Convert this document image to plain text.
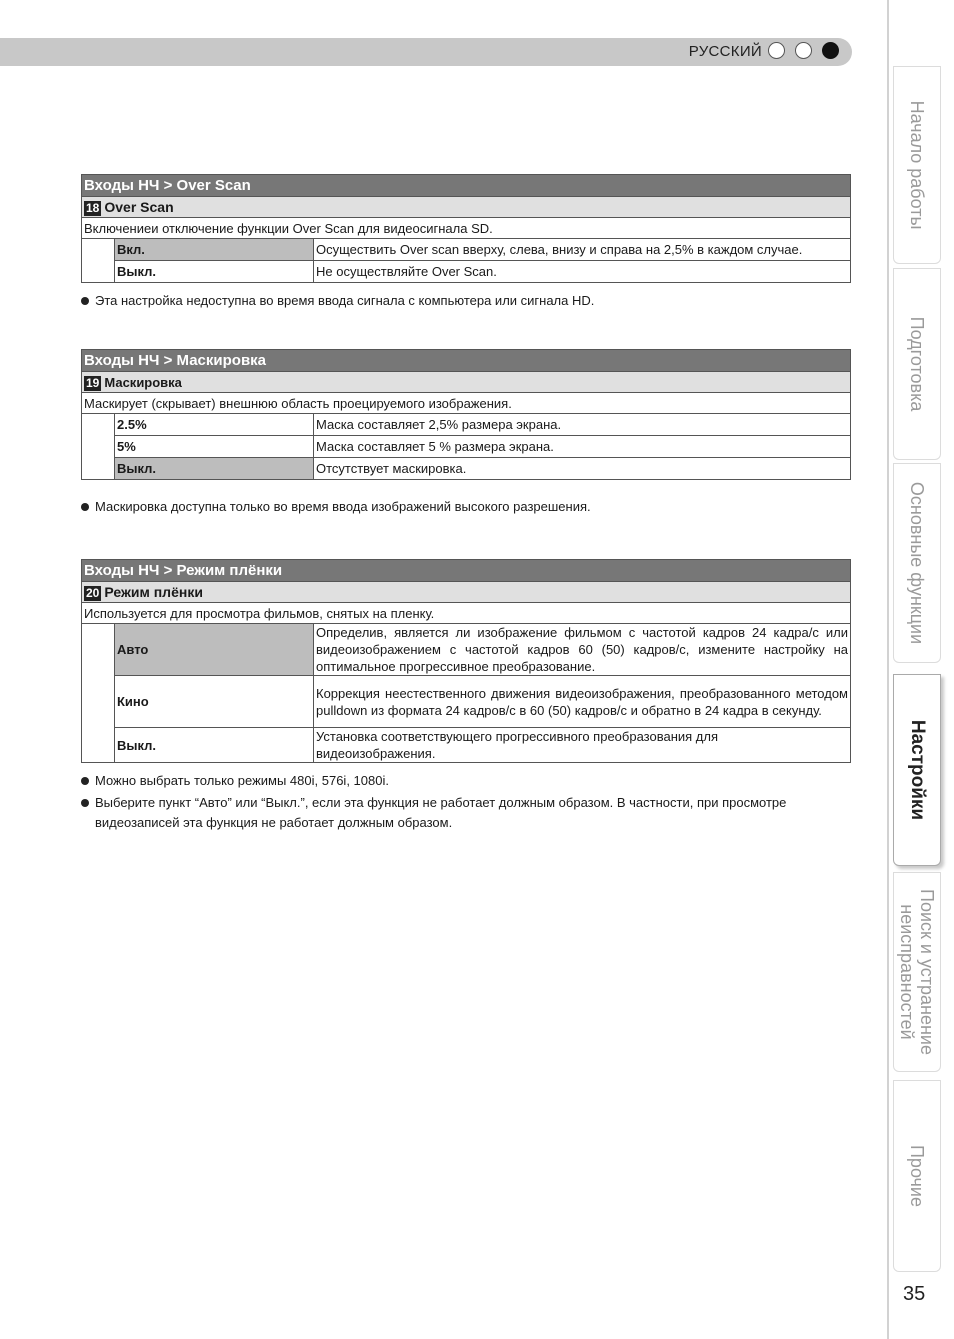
РУССКИЙ
Начало работы
Подготовка
Основные функции
Настройки
Поиск и устранение
неисправностей
Прочие
35
Входы НЧ > Over Scan		
18 Over Scan		
Включениеи отключение функции Over Scan для видеосигнала SD.		
	Вкл.	Осуществить Over scan вверху, слева, внизу и справа на 2,5% в каждом случае.
	Выкл.	Не осуществляйте Over Scan.
Эта настройка недоступна во время ввода сигнала с компьютера или сигнала HD.
Входы НЧ > Маскировка		
19 Маскировка		
Маскирует (скрывает) внешнюю область проецируемого изображения.		
	2.5%	Маска составляет 2,5% размера экрана.
	5%	Маска составляет 5 % размера экрана.
	Выкл.	Отсутствует маскировка.
Маскировка доступна только во время ввода изображений высокого разрешения.
Входы НЧ > Режим плёнки		
20 Режим плёнки		
Используется для просмотра фильмов, снятых на пленку.		
	Авто	Определив, является ли изображение фильмом с частотой кадров 24 кадра/с или видеоизображением с частотой кадров 60 (50) кадров/с, измените настройку на оптимальное прогрессивное преобразование.
	Кино	Коррекция неестественного движения видеоизображения, преобразованного методом pulldown из формата 24 кадров/с в 60 (50) кадров/с и обратно в 24 кадра в секунду.
	Выкл.	Установка соответствующего прогрессивного преобразования для видеоизображения.
Можно выбрать только режимы 480i, 576i, 1080i.
Выберите пункт “Авто” или “Выкл.”, если эта функция не работает должным образом. В частности, при просмотре
видеозаписей эта функция не работает должным образом.
